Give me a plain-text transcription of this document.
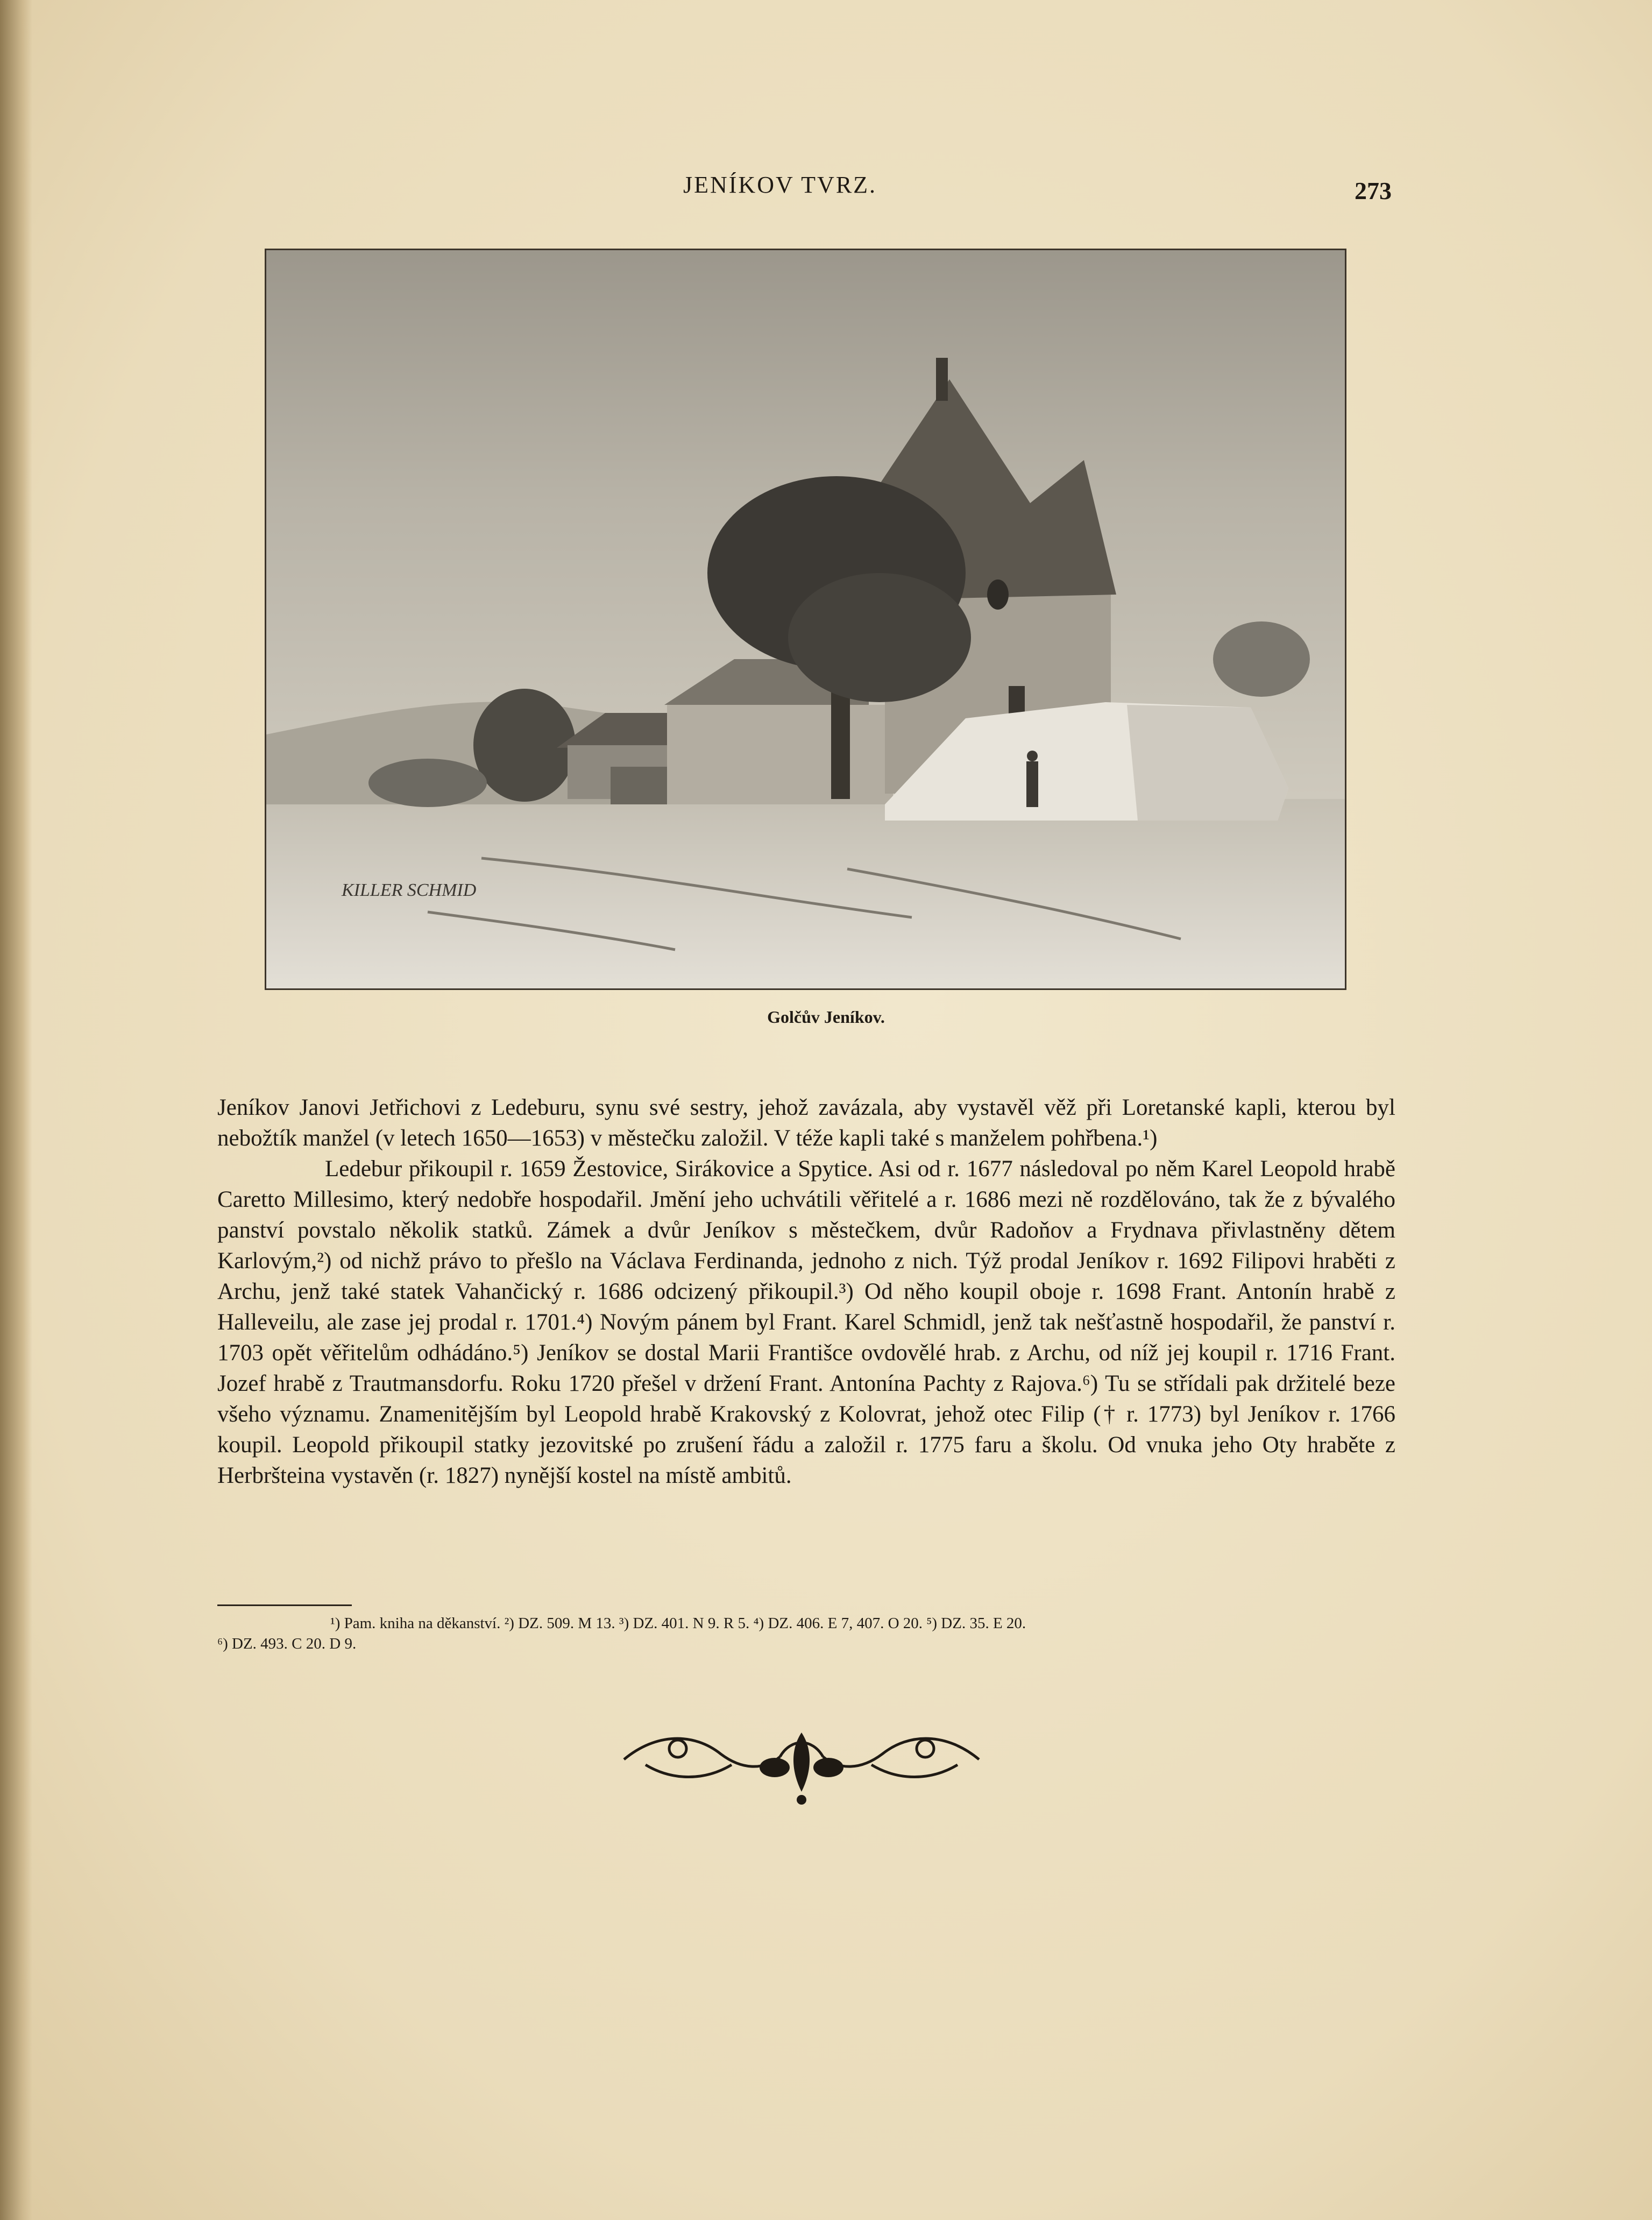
JENÍKOV TVRZ.	273
KILLER SCHMID
Golčův Jeníkov.

Jeníkov Janovi Jetřichovi z Ledeburu, synu své sestry, jehož zavázala, aby vystavěl věž při Loretanské kapli, kterou byl nebožtík manžel (v letech 1650—1653) v městečku založil. V téže kapli také s manželem pohřbena.¹)

Ledebur přikoupil r. 1659 Žestovice, Sirákovice a Spytice. Asi od r. 1677 následoval po něm Karel Leopold hrabě Caretto Millesimo, který nedobře hospodařil. Jmění jeho uchvátili věřitelé a r. 1686 mezi ně rozdělováno, tak že z bývalého panství povstalo několik statků. Zámek a dvůr Jeníkov s městečkem, dvůr Radoňov a Frydnava přivlastněny dětem Karlovým,²) od nichž právo to přešlo na Václava Ferdinanda, jednoho z nich. Týž prodal Jeníkov r. 1692 Filipovi hraběti z Archu, jenž také statek Vahančický r. 1686 odcizený přikoupil.³) Od něho koupil oboje r. 1698 Frant. Antonín hrabě z Halleveilu, ale zase jej prodal r. 1701.⁴) Novým pánem byl Frant. Karel Schmidl, jenž tak nešťastně hospodařil, že panství r. 1703 opět věřitelům odhádáno.⁵) Jeníkov se dostal Marii Františce ovdovělé hrab. z Archu, od níž jej koupil r. 1716 Frant. Jozef hrabě z Trautmansdorfu. Roku 1720 přešel v držení Frant. Antonína Pachty z Rajova.⁶) Tu se střídali pak držitelé beze všeho významu. Znamenitějším byl Leopold hrabě Krakovský z Kolovrat, jehož otec Filip († r. 1773) byl Jeníkov r. 1766 koupil. Leopold přikoupil statky jezovitské po zrušení řádu a založil r. 1775 faru a školu. Od vnuka jeho Oty hraběte z Herbršteina vystavěn (r. 1827) nynější kostel na místě ambitů.

¹) Pam. kniha na děkanství. ²) DZ. 509. M 13. ³) DZ. 401. N 9. R 5. ⁴) DZ. 406. E 7, 407. O 20. ⁵) DZ. 35. E 20.

⁶) DZ. 493. C 20. D 9.
